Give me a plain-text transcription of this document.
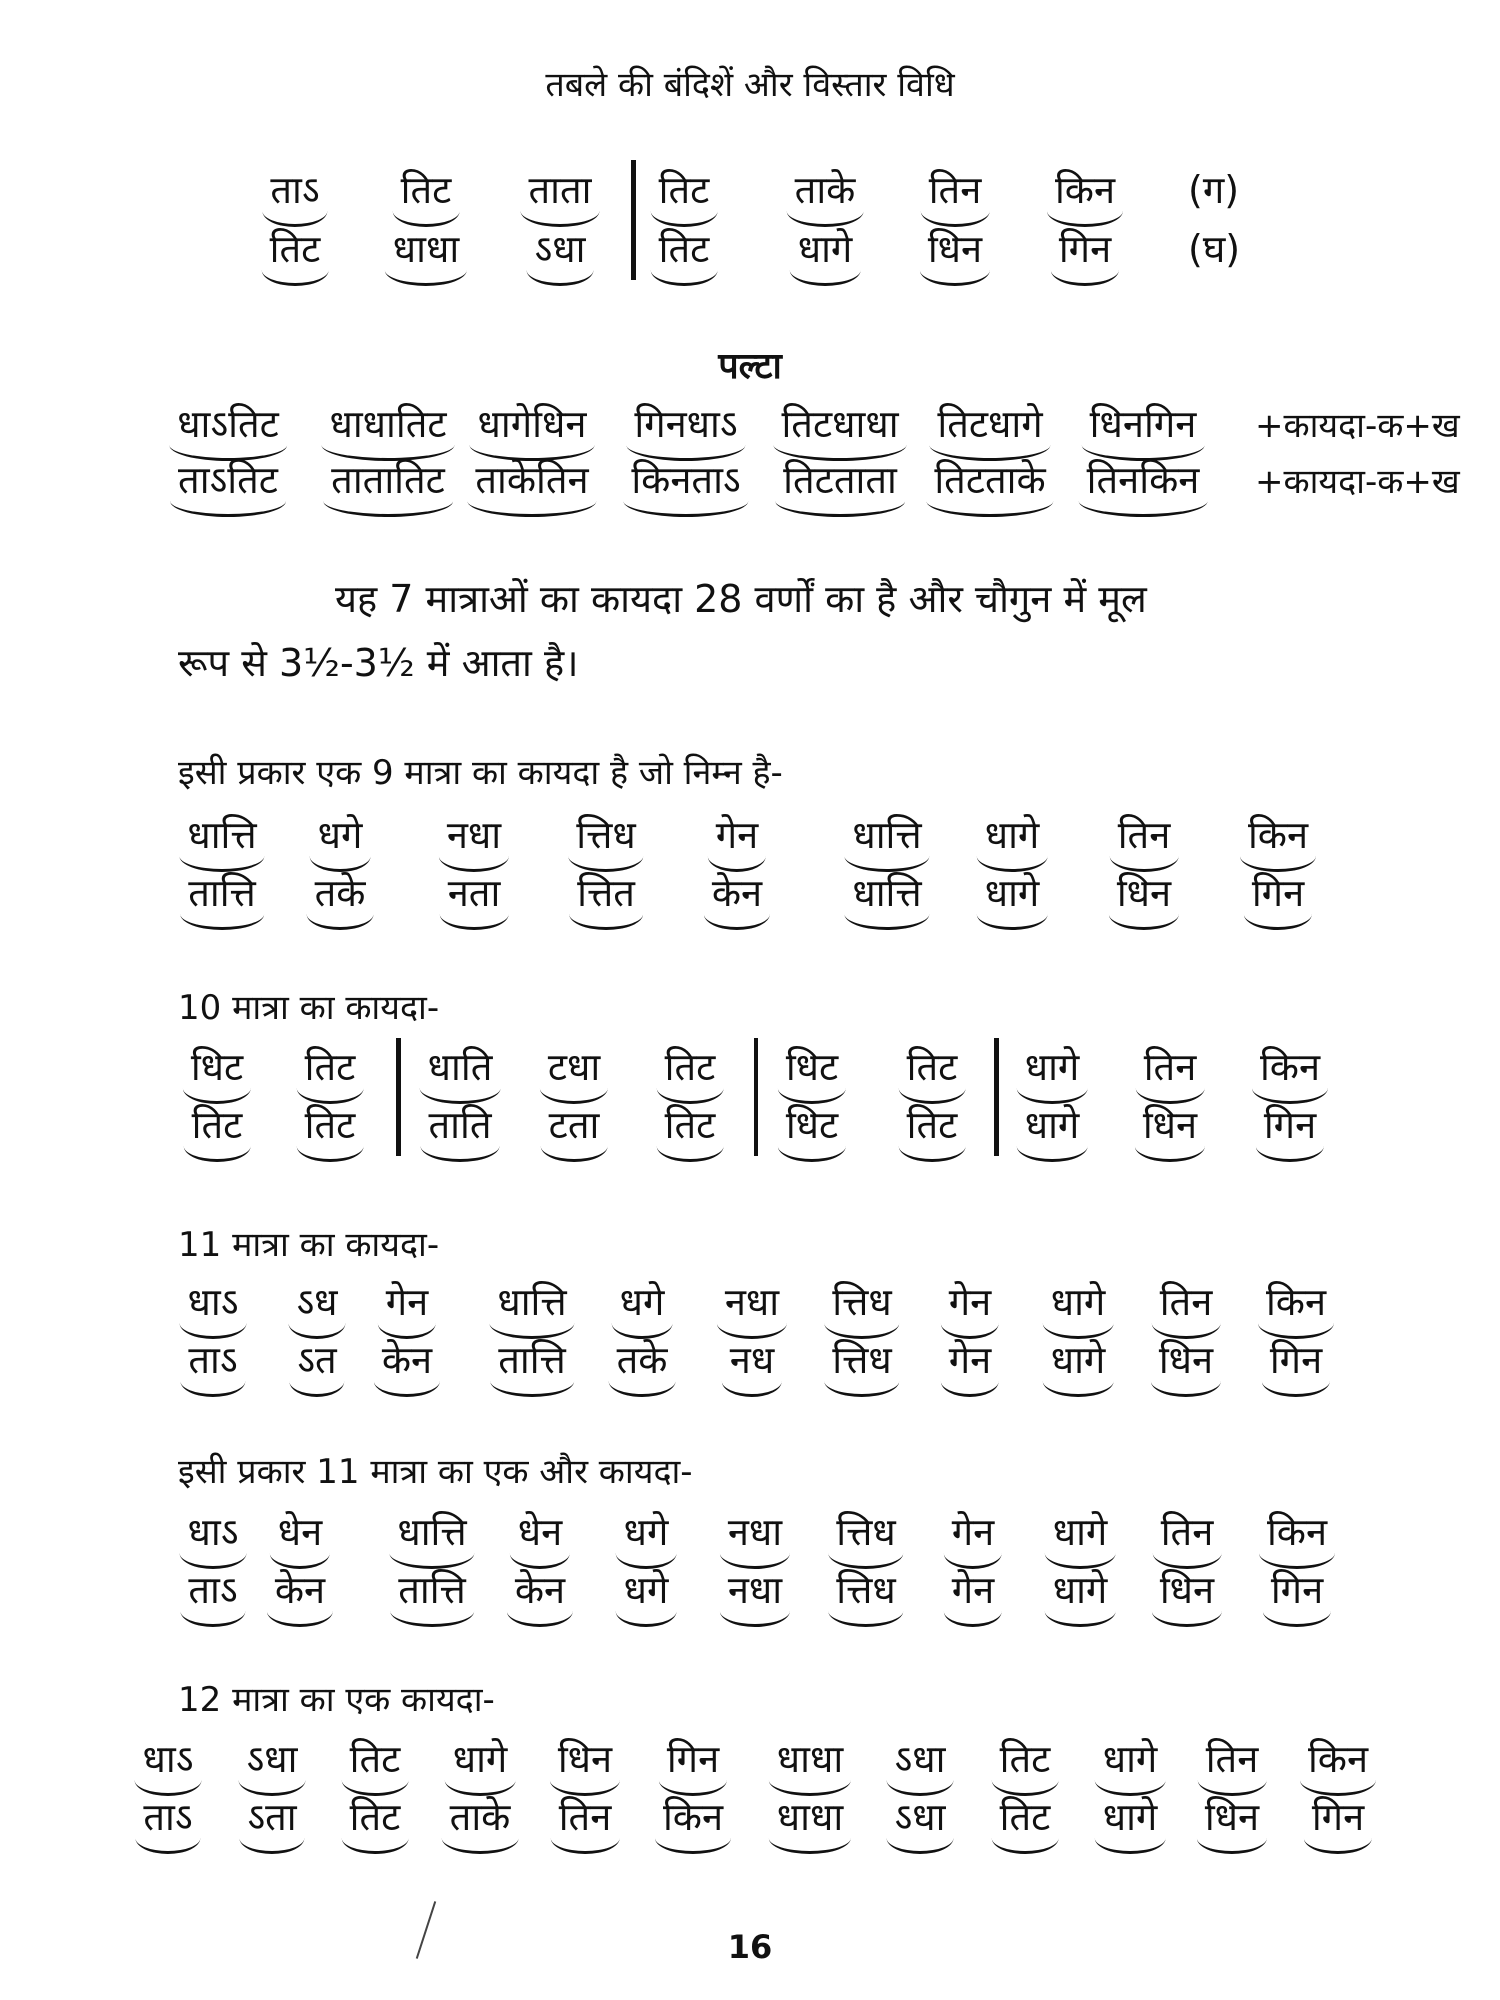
तबले की बंदिशें और विस्तार विधि
ताऽ तिट ताता तिट ताके तिन किन (ग)
तिट धाधा ऽधा तिट धागे धिन गिन (घ)
पल्टा
धाऽतिट धाधातिट धागेधिन गिनधाऽ तिटधाधा तिटधागे धिनगिन +कायदा-क+ख
ताऽतिट तातातिट ताकेतिन किनताऽ तिटताता तिटताके तिनकिन +कायदा-क+ख
यह 7 मात्राओं का कायदा 28 वर्णों का है और चौगुन में मूल
रूप से 3½-3½ में आता है।
इसी प्रकार एक 9 मात्रा का कायदा है जो निम्न है-
धात्ति धगे नधा त्तिध गेन धात्ति धागे तिन किन
तात्ति तके नता त्तित केन धात्ति धागे धिन गिन
10 मात्रा का कायदा-
धिट तिट धाति टधा तिट धिट तिट धागे तिन किन
तिट तिट ताति टता तिट धिट तिट धागे धिन गिन
11 मात्रा का कायदा-
धाऽ ऽध गेन धात्ति धगे नधा त्तिध गेन धागे तिन किन
ताऽ ऽत केन तात्ति तके नध त्तिध गेन धागे धिन गिन
इसी प्रकार 11 मात्रा का एक और कायदा-
धाऽ धेन धात्ति धेन धगे नधा त्तिध गेन धागे तिन किन
ताऽ केन तात्ति केन धगे नधा त्तिध गेन धागे धिन गिन
12 मात्रा का एक कायदा-
धाऽ ऽधा तिट धागे धिन गिन धाधा ऽधा तिट धागे तिन किन
ताऽ ऽता तिट ताके तिन किन धाधा ऽधा तिट धागे धिन गिन
16
